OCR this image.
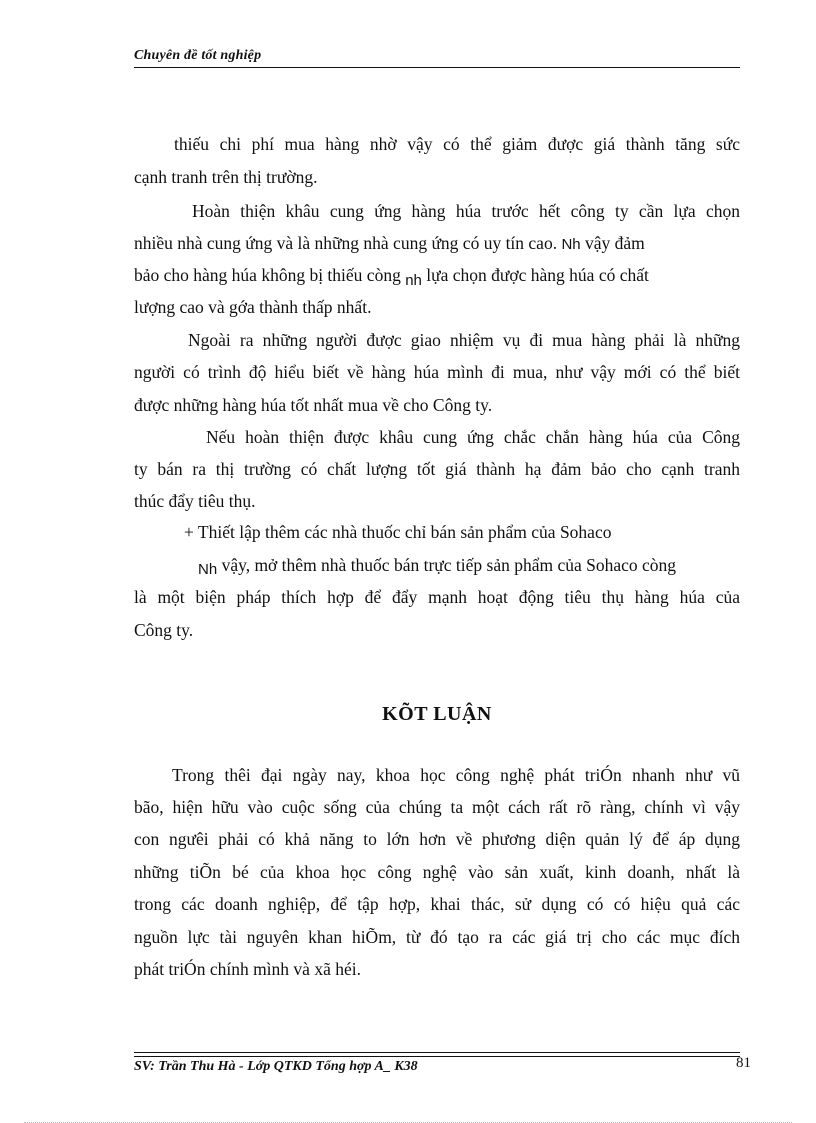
Chuyên đề tốt nghiệp
thiếu chi phí mua hàng nhờ vậy có thể giảm được giá thành tăng sức
cạnh tranh trên thị trường.
Hoàn thiện khâu cung ứng hàng húa trước hết công ty cần lựa chọn
nhiều nhà cung ứng và là những nhà cung ứng có uy tín cao. Nh vậy đảm
bảo cho hàng húa không bị thiếu còng nh lựa chọn được hàng húa có chất
lượng cao và gớa thành thấp nhất.
Ngoài ra những người được giao nhiệm vụ đi mua hàng phải là những
người có trình độ hiểu biết về hàng húa mình đi mua, như vậy mới có thể biết
được những hàng húa tốt nhất mua về cho Công ty.
Nếu hoàn thiện được khâu cung ứng chắc chắn hàng húa của Công
ty bán ra thị trường có chất lượng tốt giá thành hạ đảm bảo cho cạnh tranh
thúc đẩy tiêu thụ.
+ Thiết lập thêm các nhà thuốc chỉ bán sản phẩm của Sohaco
Nh vậy, mở thêm nhà thuốc bán trực tiếp sản phẩm của Sohaco còng
là một biện pháp thích hợp để đẩy mạnh hoạt động tiêu thụ hàng húa của
Công ty.
KÕT LUẬN
Trong thêi đại ngày nay, khoa học công nghệ phát triÓn nhanh như vũ
bão, hiện hữu vào cuộc sống của chúng ta một cách rất rõ ràng, chính vì vậy
con ngưêi phải có khả năng to lớn hơn về phương diện quản lý để áp dụng
những tiÕn bé của khoa học công nghệ vào sản xuất, kinh doanh, nhất là
trong các doanh nghiệp, để tập hợp, khai thác, sử dụng có có hiệu quả các
nguồn lực tài nguyên khan hiÕm, từ đó tạo ra các giá trị cho các mục đích
phát triÓn chính mình và xã héi.
SV: Trần Thu Hà - Lớp QTKD Tổng hợp A_ K38	81
